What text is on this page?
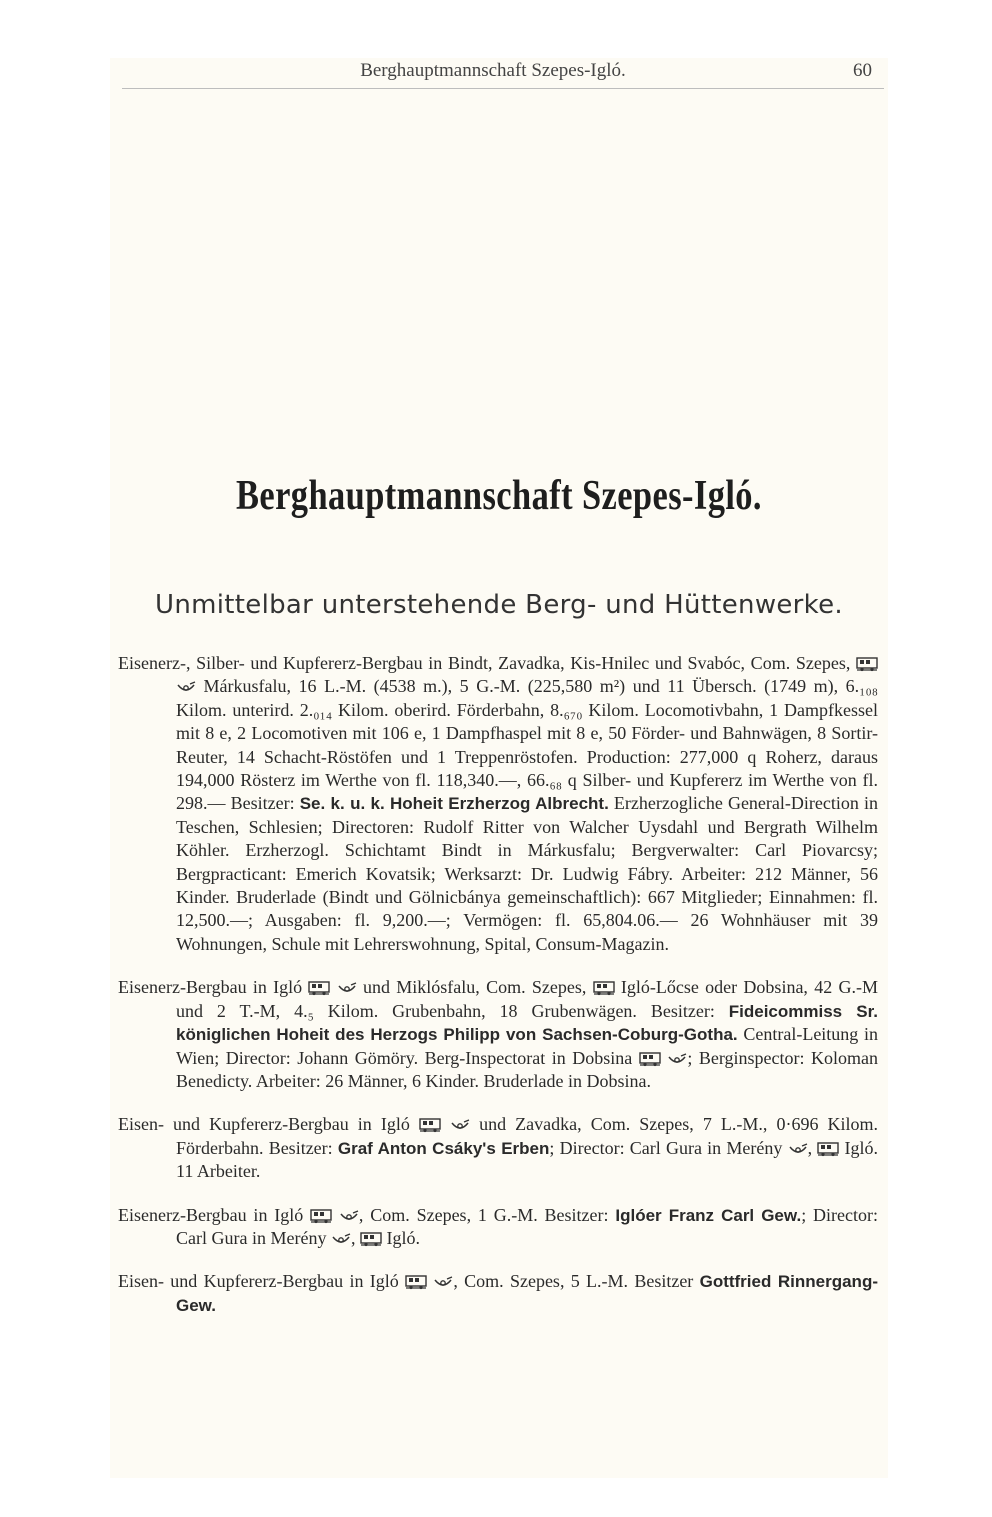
Berghauptmannschaft Szepes-Igló.	60
Berghauptmannschaft Szepes-Igló.
Unmittelbar unterstehende Berg- und Hüttenwerke.

Eisenerz-, Silber- und Kupfererz-Bergbau in Bindt, Zavadka, Kis-Hnilec und Svabóc, Com. Szepes,   Márkusfalu, 16 L.-M. (4538 m.), 5 G.-M. (225,580 m²) und 11 Übersch. (1749 m), 6.₁₀₈ Kilom. unterird. 2.₀₁₄ Kilom. oberird. Förderbahn, 8.₆₇₀ Kilom. Locomotivbahn, 1 Dampfkessel mit 8 e, 2 Locomotiven mit 106 e, 1 Dampfhaspel mit 8 e, 50 Förder- und Bahnwägen, 8 Sortir-Reuter, 14 Schacht-Röstöfen und 1 Treppenröstofen. Production: 277,000 q Roherz, daraus 194,000 Rösterz im Werthe von fl. 118,340.—, 66.₆₈ q Silber- und Kupfererz im Werthe von fl. 298.— Besitzer: Se. k. u. k. Hoheit Erzherzog Albrecht. Erzherzogliche General-Direction in Teschen, Schlesien; Directoren: Rudolf Ritter von Walcher Uysdahl und Bergrath Wilhelm Köhler. Erzherzogl. Schichtamt Bindt in Márkusfalu; Bergverwalter: Carl Piovarcsy; Bergpracticant: Emerich Kovatsik; Werksarzt: Dr. Ludwig Fábry. Arbeiter: 212 Männer, 56 Kinder. Bruderlade (Bindt und Gölnicbánya gemeinschaftlich): 667 Mitglieder; Einnahmen: fl. 12,500.—; Ausgaben: fl. 9,200.—; Vermögen: fl. 65,804.06.— 26 Wohnhäuser mit 39 Wohnungen, Schule mit Lehrerswohnung, Spital, Consum-Magazin.

Eisenerz-Bergbau in Igló	und Miklósfalu, Com. Szepes, Igló-Lőcse oder Dobsina, 42 G.-M und 2 T.-M, 4.₅ Kilom. Grubenbahn, 18 Grubenwägen. Besitzer: Fideicommiss Sr. königlichen Hoheit des Herzogs Philipp von Sachsen-Coburg-Gotha. Central-Leitung in Wien; Director: Johann Gömöry. Berg-Inspectorat in Dobsina	; Berginspector: Koloman Benedicty. Arbeiter: 26 Männer, 6 Kinder. Bruderlade in Dobsina.

Eisen- und Kupfererz-Bergbau in Igló	und Zavadka, Com. Szepes, 7 L.-M., 0·696 Kilom. Förderbahn. Besitzer: Graf Anton Csáky's Erben; Director: Carl Gura in Merény ,  Igló. 11 Arbeiter.

Eisenerz-Bergbau in Igló	, Com. Szepes, 1 G.-M. Besitzer: Iglóer Franz Carl Gew.; Director: Carl Gura in Merény ,  Igló.

Eisen- und Kupfererz-Bergbau in Igló	, Com. Szepes, 5 L.-M. Besitzer Gottfried Rinnergang-Gew.
